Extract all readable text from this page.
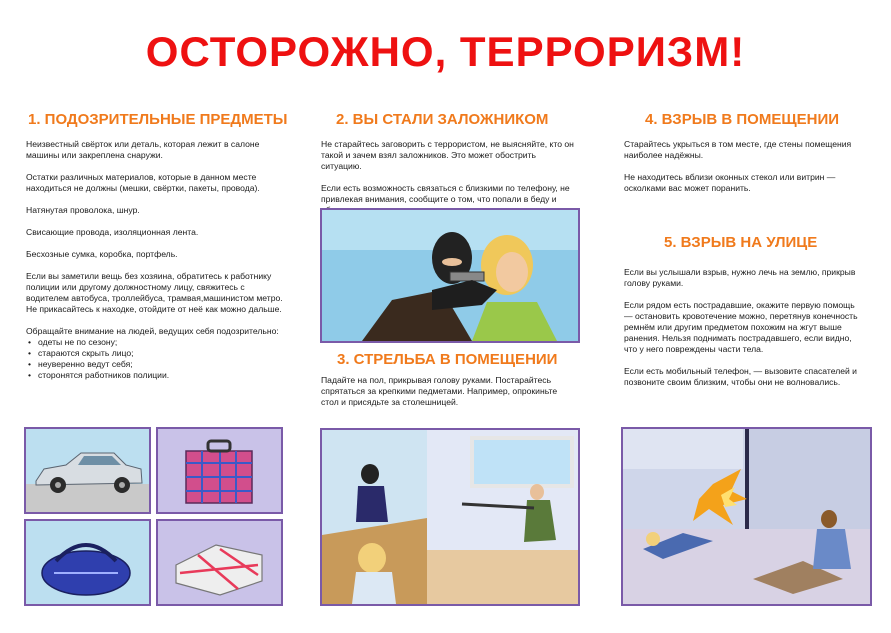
ОСТОРОЖНО, ТЕРРОРИЗМ!
1. ПОДОЗРИТЕЛЬНЫЕ ПРЕДМЕТЫ

Неизвестный свёрток или деталь, которая лежит в салоне машины или закреплена снаружи.

Остатки различных материалов, которые в данном месте находиться не должны (мешки, свёртки, пакеты, провода).

Натянутая проволока, шнур.

Свисающие провода, изоляционная лента.

Бесхозные сумка, коробка, портфель.

Если вы заметили вещь без хозяина, обратитесь к работнику полиции или другому должностному лицу, свяжитесь с водителем автобуса, троллейбуса, трамвая,машинистом метро. Не прикасайтесь к находке, отойдите от неё как можно дальше.

Обращайте внимание на людей, ведущих себя подозрительно:

• одеты не по сезону;
• стараются скрыть лицо;
• неуверенно ведут себя;
• сторонятся работников полиции.
2. ВЫ СТАЛИ ЗАЛОЖНИКОМ

Не старайтесь заговорить с террористом, не выясняйте, кто он такой и зачем взял заложников. Это может обострить ситуацию.

Если есть возможность связаться с близкими по телефону, не привлекая внимания, сообщите о том, что попали в беду и

3. СТРЕЛЬБА В ПОМЕЩЕНИИ

Падайте на пол, прикрывая голову руками. Постарайтесь спрятаться за крепкими педметами. Например, опрокиньте стол и присядьте за столешницей.

4. ВЗРЫВ В ПОМЕЩЕНИИ

Старайтесь укрыться в том месте, где стены помещения наиболее надёжны.

Не находитесь вблизи оконных стекол или витрин — осколками вас может поранить.

5. ВЗРЫВ НА УЛИЦЕ

Если вы услышали взрыв, нужно лечь на землю, прикрыв голову руками.

Если рядом есть пострадавшие, окажите первую помощь — остановить кровотечение можно, перетянув конечность ремнём или другим предметом похожим на жгут выше ранения. Нельзя поднимать пострадавшего, если видно, что у него повреждены части тела.

Если есть мобильный телефон, — вызовите спасателей и позвоните своим близким, чтобы они не волновались.
